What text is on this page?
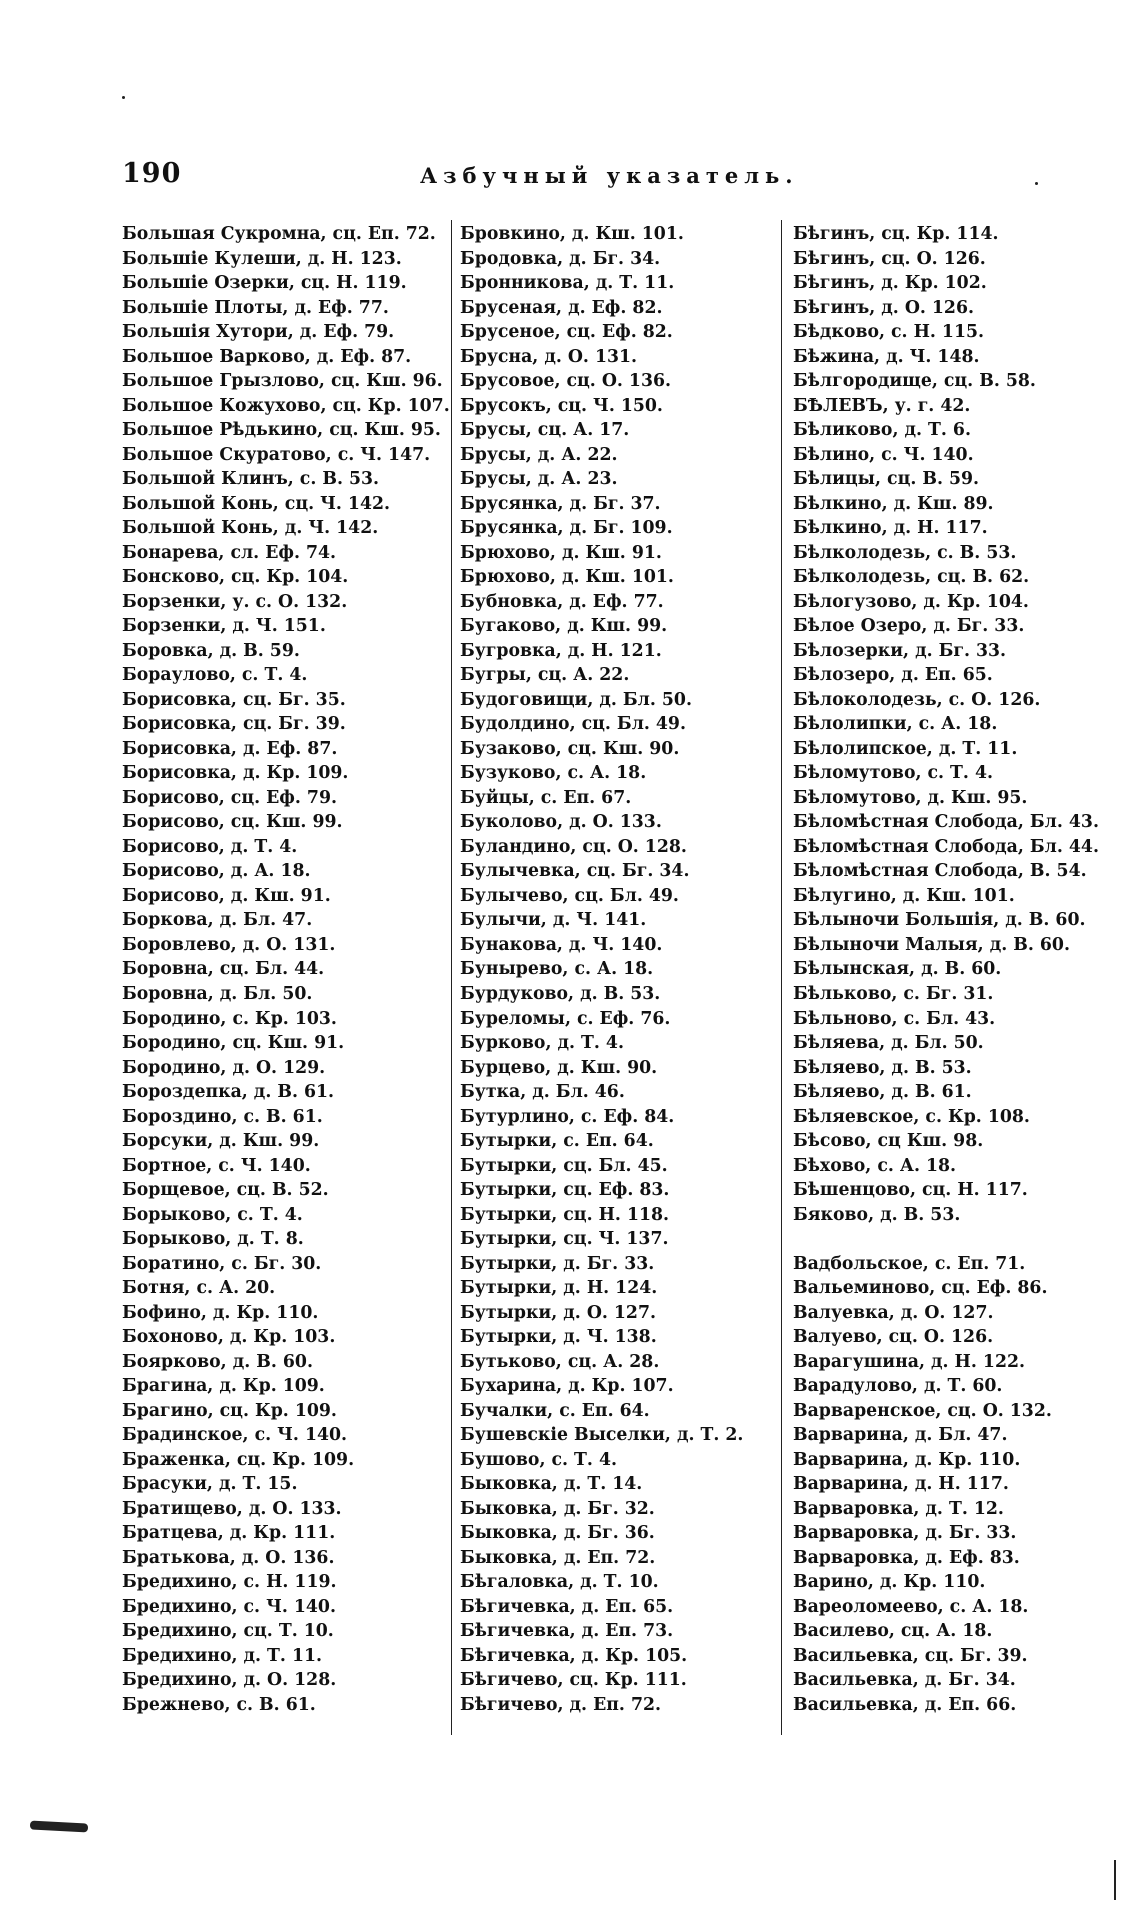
190	Азбучный указатель.
Большая Сукромна, сц. Еп. 72.
Большіе Кулеши, д. Н. 123.
Большіе Озерки, сц. Н. 119.
Большіе Плоты, д. Еф. 77.
Большія Хутори, д. Еф. 79.
Большое Варково, д. Еф. 87.
Большое Грызлово, сц. Кш. 96.
Большое Кожухово, сц. Кр. 107.
Большое Рѣдькино, сц. Кш. 95.
Большое Скуратово, с. Ч. 147.
Большой Клинъ, с. В. 53.
Большой Конь, сц. Ч. 142.
Большой Конь, д. Ч. 142.
Бонарева, сл. Еф. 74.
Бонсково, сц. Кр. 104.
Борзенки, у. с. О. 132.
Борзенки, д. Ч. 151.
Боровка, д. В. 59.
Бораулово, с. Т. 4.
Борисовка, сц. Бг. 35.
Борисовка, сц. Бг. 39.
Борисовка, д. Еф. 87.
Борисовка, д. Кр. 109.
Борисово, сц. Еф. 79.
Борисово, сц. Кш. 99.
Борисово, д. Т. 4.
Борисово, д. А. 18.
Борисово, д. Кш. 91.
Боркова, д. Бл. 47.
Боровлево, д. О. 131.
Боровна, сц. Бл. 44.
Боровна, д. Бл. 50.
Бородино, с. Кр. 103.
Бородино, сц. Кш. 91.
Бородино, д. О. 129.
Бороздепка, д. В. 61.
Бороздино, с. В. 61.
Борсуки, д. Кш. 99.
Бортное, с. Ч. 140.
Борщевое, сц. В. 52.
Борыково, с. Т. 4.
Борыково, д. Т. 8.
Боратино, с. Бг. 30.
Ботня, с. А. 20.
Бофино, д. Кр. 110.
Бохоново, д. Кр. 103.
Боярково, д. В. 60.
Брагина, д. Кр. 109.
Брагино, сц. Кр. 109.
Брадинское, с. Ч. 140.
Браженка, сц. Кр. 109.
Брасуки, д. Т. 15.
Братищево, д. О. 133.
Братцева, д. Кр. 111.
Братькова, д. О. 136.
Бредихино, с. Н. 119.
Бредихино, с. Ч. 140.
Бредихино, сц. Т. 10.
Бредихино, д. Т. 11.
Бредихино, д. О. 128.
Брежнево, с. В. 61.
Бровкино, д. Кш. 101.
Бродовка, д. Бг. 34.
Бронникова, д. Т. 11.
Брусеная, д. Еф. 82.
Брусеное, сц. Еф. 82.
Брусна, д. О. 131.
Брусовое, сц. О. 136.
Брусокъ, сц. Ч. 150.
Брусы, сц. А. 17.
Брусы, д. А. 22.
Брусы, д. А. 23.
Брусянка, д. Бг. 37.
Брусянка, д. Бг. 109.
Брюхово, д. Кш. 91.
Брюхово, д. Кш. 101.
Бубновка, д. Еф. 77.
Бугаково, д. Кш. 99.
Бугровка, д. Н. 121.
Бугры, сц. А. 22.
Будоговищи, д. Бл. 50.
Будолдино, сц. Бл. 49.
Бузаково, сц. Кш. 90.
Бузуково, с. А. 18.
Буйцы, с. Еп. 67.
Буколово, д. О. 133.
Буландино, сц. О. 128.
Булычевка, сц. Бг. 34.
Булычево, сц. Бл. 49.
Булычи, д. Ч. 141.
Бунакова, д. Ч. 140.
Бунырево, с. А. 18.
Бурдуково, д. В. 53.
Буреломы, с. Еф. 76.
Бурково, д. Т. 4.
Бурцево, д. Кш. 90.
Бутка, д. Бл. 46.
Бутурлино, с. Еф. 84.
Бутырки, с. Еп. 64.
Бутырки, сц. Бл. 45.
Бутырки, сц. Еф. 83.
Бутырки, сц. Н. 118.
Бутырки, сц. Ч. 137.
Бутырки, д. Бг. 33.
Бутырки, д. Н. 124.
Бутырки, д. О. 127.
Бутырки, д. Ч. 138.
Бутьково, сц. А. 28.
Бухарина, д. Кр. 107.
Бучалки, с. Еп. 64.
Бушевскіе Выселки, д. Т. 2.
Бушово, с. Т. 4.
Быковка, д. Т. 14.
Быковка, д. Бг. 32.
Быковка, д. Бг. 36.
Быковка, д. Еп. 72.
Бѣгаловка, д. Т. 10.
Бѣгичевка, д. Еп. 65.
Бѣгичевка, д. Еп. 73.
Бѣгичевка, д. Кр. 105.
Бѣгичево, сц. Кр. 111.
Бѣгичево, д. Еп. 72.
Бѣгинъ, сц. Кр. 114.
Бѣгинъ, сц. О. 126.
Бѣгинъ, д. Кр. 102.
Бѣгинъ, д. О. 126.
Бѣдково, с. Н. 115.
Бѣжина, д. Ч. 148.
Бѣлгородище, сц. В. 58.
БѢЛЕВЪ, у. г. 42.
Бѣликово, д. Т. 6.
Бѣлино, с. Ч. 140.
Бѣлицы, сц. В. 59.
Бѣлкино, д. Кш. 89.
Бѣлкино, д. Н. 117.
Бѣлколодезь, с. В. 53.
Бѣлколодезь, сц. В. 62.
Бѣлогузово, д. Кр. 104.
Бѣлое Озеро, д. Бг. 33.
Бѣлозерки, д. Бг. 33.
Бѣлозеро, д. Еп. 65.
Бѣлоколодезь, с. О. 126.
Бѣлолипки, с. А. 18.
Бѣлолипское, д. Т. 11.
Бѣломутово, с. Т. 4.
Бѣломутово, д. Кш. 95.
Бѣломѣстная Слобода, Бл. 43.
Бѣломѣстная Слобода, Бл. 44.
Бѣломѣстная Слобода, В. 54.
Бѣлугино, д. Кш. 101.
Бѣлыночи Большія, д. В. 60.
Бѣлыночи Малыя, д. В. 60.
Бѣлынская, д. В. 60.
Бѣльково, с. Бг. 31.
Бѣльново, с. Бл. 43.
Бѣляева, д. Бл. 50.
Бѣляево, д. В. 53.
Бѣляево, д. В. 61.
Бѣляевское, с. Кр. 108.
Бѣсово, сц Кш. 98.
Бѣхово, с. А. 18.
Бѣшенцово, сц. Н. 117.
Бяково, д. В. 53.
Вадбольское, с. Еп. 71.
Вальеминово, сц. Еф. 86.
Валуевка, д. О. 127.
Валуево, сц. О. 126.
Варагушина, д. Н. 122.
Варадулово, д. Т. 60.
Варваренское, сц. О. 132.
Варварина, д. Бл. 47.
Варварина, д. Кр. 110.
Варварина, д. Н. 117.
Варваровка, д. Т. 12.
Варваровка, д. Бг. 33.
Варваровка, д. Еф. 83.
Варино, д. Кр. 110.
Вареоломеево, с. А. 18.
Василево, сц. А. 18.
Васильевка, сц. Бг. 39.
Васильевка, д. Бг. 34.
Васильевка, д. Еп. 66.
